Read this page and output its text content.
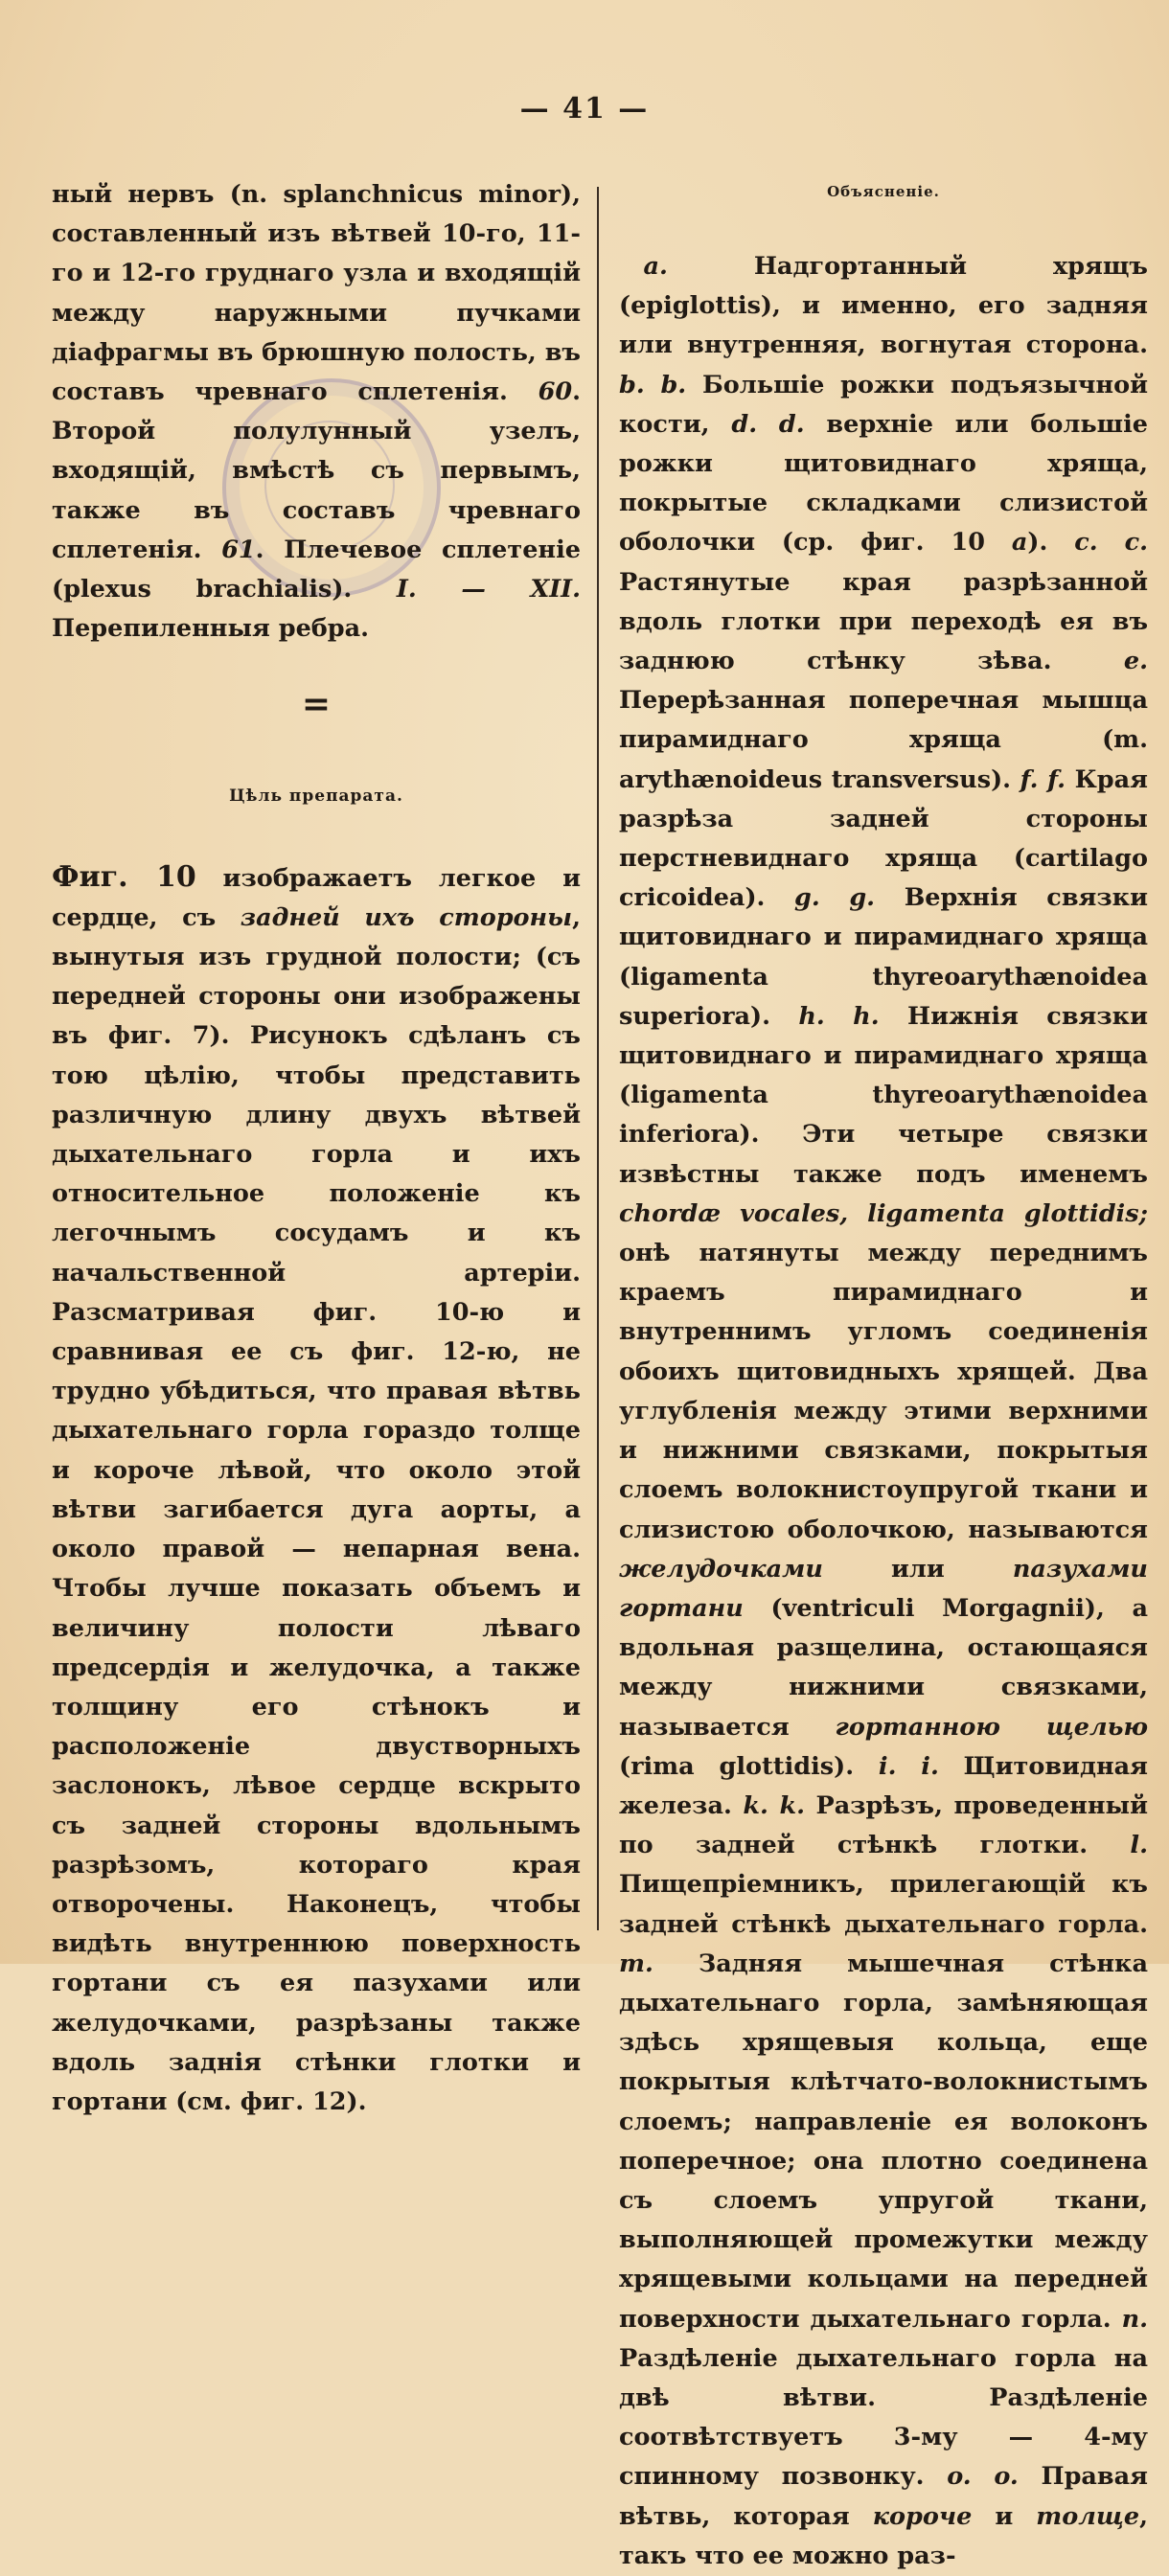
— 41 —

ный нервъ (n. splanchnicus minor), составленный изъ вѣтвей 10-го, 11-го и 12-го груднаго узла и входящій между наружными пучками діафрагмы въ брюшную полость, въ составъ чревнаго сплетенія. 60. Второй полулунный узелъ, входящій, вмѣстѣ съ первымъ, также въ составъ чревнаго сплетенія. 61. Плечевое сплетеніе (plexus brachialis). I. — XII. Перепиленныя ребра.

=
Цѣль препарата.

Фиг. 10 изображаетъ легкое и сердце, съ задней ихъ стороны, вынутыя изъ грудной полости; (съ передней стороны они изображены въ фиг. 7). Рисунокъ сдѣланъ съ тою цѣлію, чтобы представить различную длину двухъ вѣтвей дыхательнаго горла и ихъ относительное положеніе къ легочнымъ сосудамъ и къ начальственной артеріи. Разсматривая фиг. 10-ю и сравнивая ее съ фиг. 12-ю, не трудно убѣдиться, что правая вѣтвь дыхательнаго горла гораздо толще и короче лѣвой, что около этой вѣтви загибается дуга аорты, а около правой — непарная вена. Чтобы лучше показать объемъ и величину полости лѣваго предсердія и желудочка, а также толщину его стѣнокъ и расположеніе двустворныхъ заслонокъ, лѣвое сердце вскрыто съ задней стороны вдольнымъ разрѣзомъ, котораго края отворочены. Наконецъ, чтобы видѣть внутреннюю поверхность гортани съ ея пазухами или желудочками, разрѣзаны также вдоль заднія стѣнки глотки и гортани (см. фиг. 12).

Объясненіе.

 a.	Надгортанный хрящъ (epiglottis), и именно, его задняя или внутренняя, вогнутая сторона. b. b. Большіе рожки подъязычной кости, d. d. верхніе или большіе рожки щитовиднаго хряща, покрытые складками слизистой оболочки (ср. фиг. 10 a). c. c. Растянутые края разрѣзанной вдоль глотки при переходѣ ея въ заднюю стѣнку зѣва.	e. Перерѣзанная поперечная мышца пирамиднаго хряща (m. arythænoideus transversus). f. f. Края разрѣза задней стороны перстневиднаго хряща (cartilago cricoidea). g. g. Верхнія связки щитовиднаго и пирамиднаго хряща (ligamenta thyreoarythænoidea superiora). h. h. Нижнія связки щитовиднаго и пирамиднаго хряща (ligamenta thyreoarythænoidea inferiora). Эти четыре связки извѣстны также подъ именемъ chordæ vocales, ligamenta glottidis; онѣ натянуты между переднимъ краемъ пирамиднаго и внутреннимъ угломъ соединенія обоихъ щитовидныхъ хрящей. Два углубленія между этими верхними и нижними связками, покрытыя слоемъ волокнистоупругой ткани и слизистою оболочкою, называются желудочками	или	пазухами гортани (ventriculi Morgagnii), а вдольная разщелина, остающаяся между нижними связками, называется гортанною щелью (rima glottidis). i. i. Щитовидная железа. k. k. Разрѣзъ, проведенный по задней стѣнкѣ глотки. l. Пищепріемникъ, прилегающій къ задней стѣнкѣ дыхательнаго горла. m. Задняя мышечная стѣнка дыхательнаго горла, замѣняющая здѣсь хрящевыя кольца, еще покрытыя клѣтчато-волокнистымъ слоемъ; направленіе ея волоконъ поперечное; она плотно соединена съ слоемъ упругой ткани, выполняющей промежутки между хрящевыми кольцами на передней поверхности дыхательнаго горла. n. Раздѣленіе дыхательнаго горла на двѣ вѣтви. Раздѣленіе соотвѣтствуетъ 3-му — 4-му спинному позвонку. o. o. Правая вѣтвь, которая короче и толще, такъ что ее можно раз-
